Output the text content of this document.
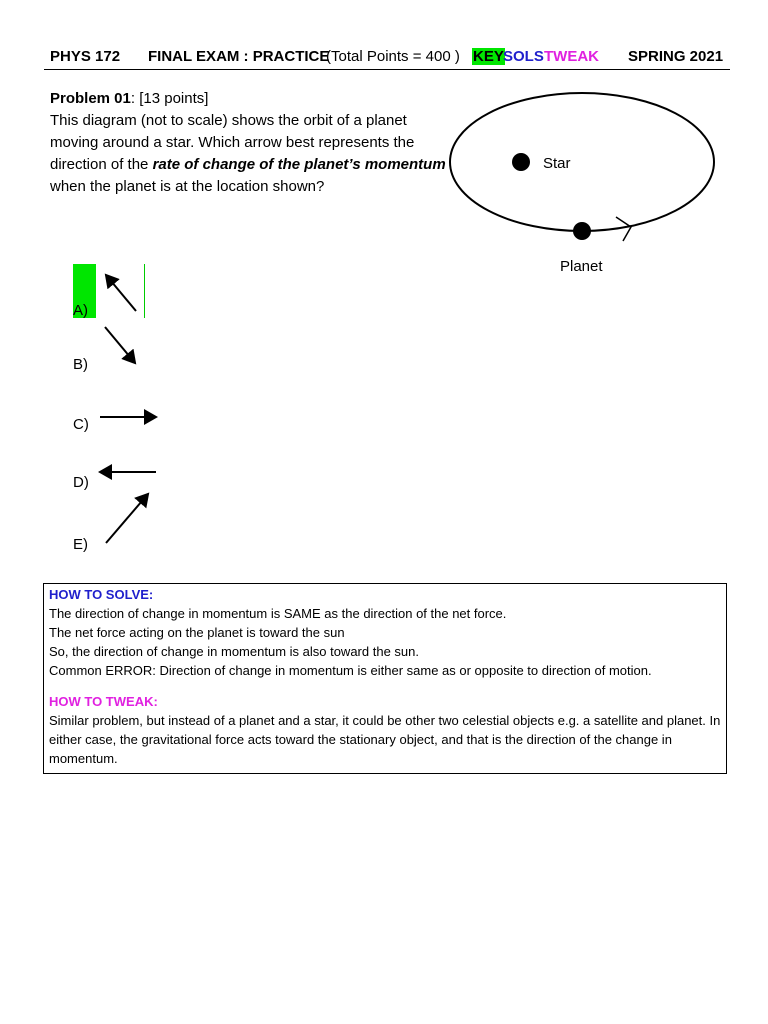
PHYS 172 FINAL EXAM : PRACTICE
(Total Points = 400 ) KEY SOLS TWEAK SPRING 2021
Problem 01: [13 points]
This diagram (not to scale) shows the orbit of a planet moving around a star. Which arrow best represents the direction of the rate of change of the planet’s momentum when the planet is at the location shown?
Star
Planet
A)
B)
C)
D)
E)

HOW TO SOLVE:

The direction of change in momentum is SAME as the direction of the net force.

The net force acting on the planet is toward the sun

So, the direction of change in momentum is also toward the sun.

Common ERROR: Direction of change in momentum is either same as or opposite to direction of motion.

HOW TO TWEAK:

Similar problem, but instead of a planet and a star, it could be other two celestial objects e.g. a satellite and planet. In either case, the gravitational force acts toward the stationary object, and that is the direction of the change in momentum.
